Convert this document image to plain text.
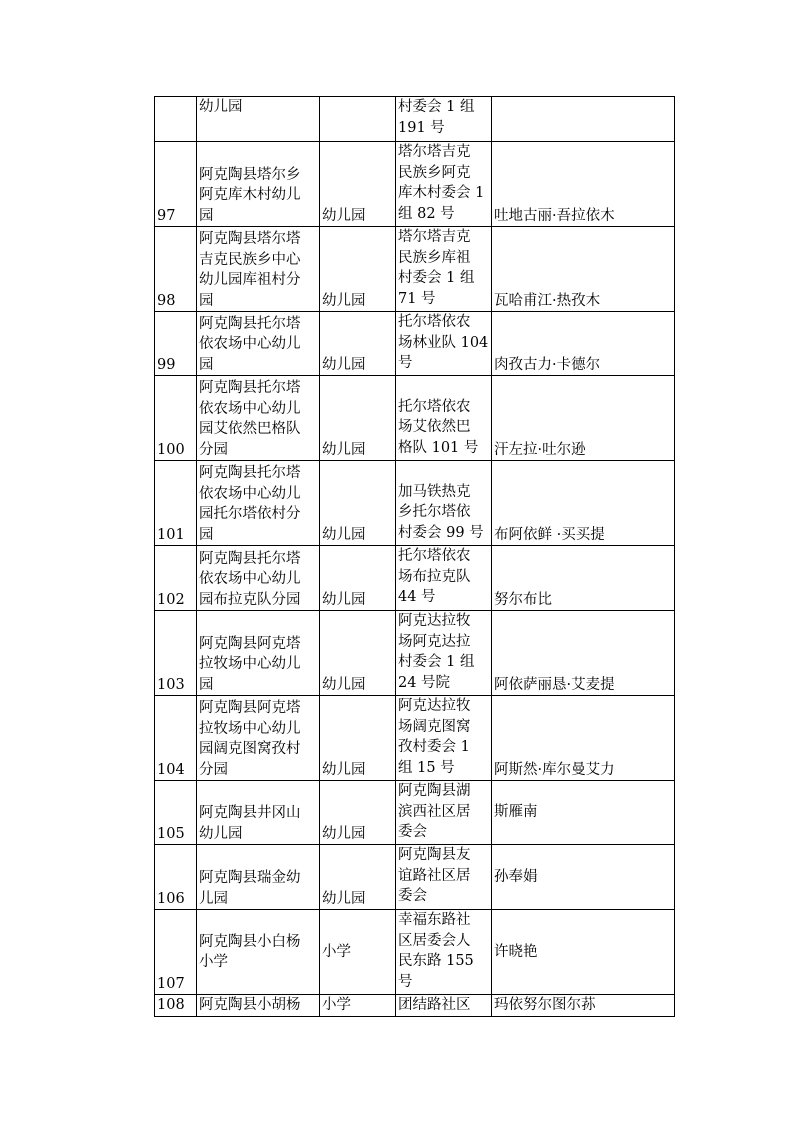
	幼儿园		村委会 1 组
191 号	
97	阿克陶县塔尔乡
阿克库木村幼儿
园	幼儿园	塔尔塔吉克
民族乡阿克
库木村委会 1
组 82 号	吐地古丽·吾拉依木
98	阿克陶县塔尔塔
吉克民族乡中心
幼儿园库祖村分
园	幼儿园	塔尔塔吉克
民族乡库祖
村委会 1 组
71 号	瓦哈甫江·热孜木
99	阿克陶县托尔塔
依农场中心幼儿
园	幼儿园	托尔塔依农
场林业队 104
号	肉孜古力·卡德尔
100	阿克陶县托尔塔
依农场中心幼儿
园艾依然巴格队
分园	幼儿园	
托尔塔依农
场艾依然巴
格队 101 号	汗左拉·吐尔逊
101	阿克陶县托尔塔
依农场中心幼儿
园托尔塔依村分
园	幼儿园	
加马铁热克
乡托尔塔依
村委会 99 号	布阿依鲜 ·买买提
102	阿克陶县托尔塔
依农场中心幼儿
园布拉克队分园	幼儿园	托尔塔依农
场布拉克队
44 号	努尔布比
103	阿克陶县阿克塔
拉牧场中心幼儿
园	幼儿园	阿克达拉牧
场阿克达拉
村委会 1 组
24 号院	阿依萨丽恳·艾麦提
104	阿克陶县阿克塔
拉牧场中心幼儿
园阔克图窝孜村
分园	幼儿园	阿克达拉牧
场阔克图窝
孜村委会 1
组 15 号	阿斯然·库尔曼艾力
105	阿克陶县井冈山
幼儿园	幼儿园	阿克陶县湖
滨西社区居
委会	斯雁南
106	阿克陶县瑞金幼
儿园	幼儿园	阿克陶县友
谊路社区居
委会	孙奉娟
107	阿克陶县小白杨
小学	小学	幸福东路社
区居委会人
民东路 155
号	许晓艳
108	阿克陶县小胡杨	小学	团结路社区	玛依努尔图尔荪
